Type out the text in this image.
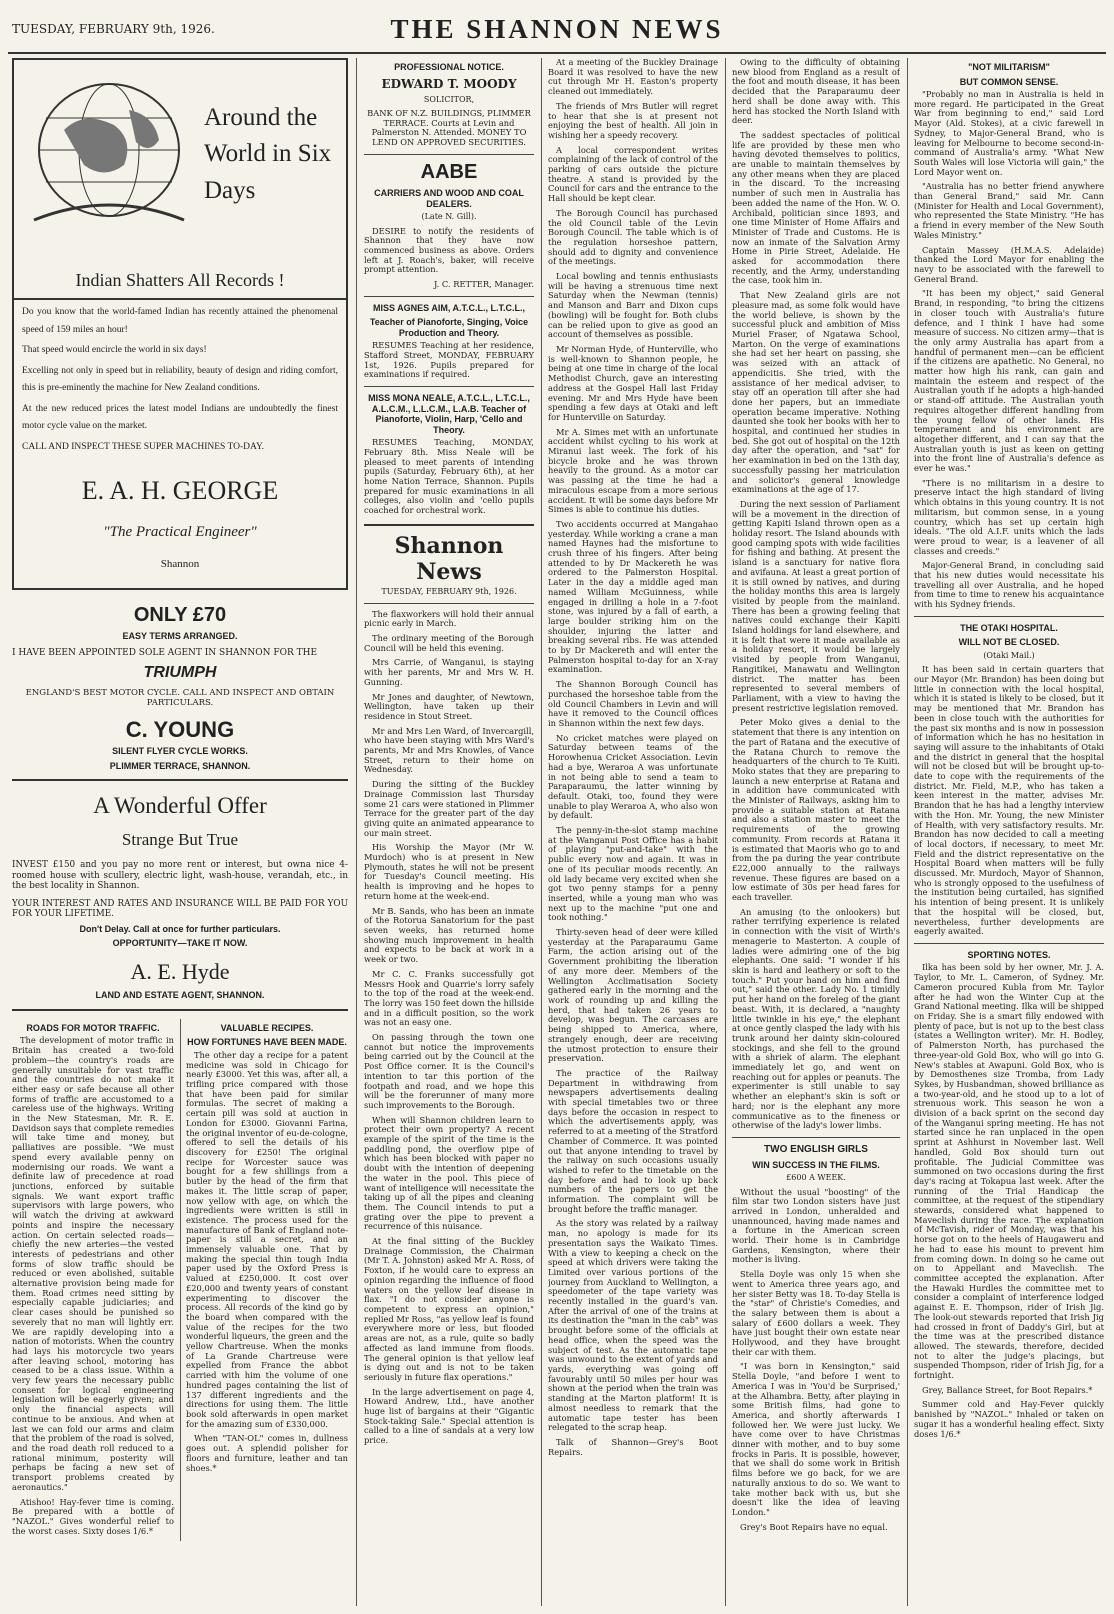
TUESDAY, FEBRUARY 9th, 1926.	THE SHANNON NEWS
Around the World in Six Days
Indian Shatters All Records !
Do you know that the world-famed Indian has recently attained the phenomenal speed of 159 miles an hour!
That speed would encircle the world in six days!
Excelling not only in speed but in reliability, beauty of design and riding comfort, this is pre-eminently the machine for New Zealand conditions.
At the new reduced prices the latest model Indians are undoubtedly the finest motor cycle value on the market.
CALL AND INSPECT THESE SUPER MACHINES TO-DAY.
E. A. H. GEORGE
"The Practical Engineer"
Shannon
ONLY £70
EASY TERMS ARRANGED.
I HAVE BEEN APPOINTED SOLE AGENT IN SHANNON FOR THE
TRIUMPH
ENGLAND'S BEST MOTOR CYCLE. CALL AND INSPECT AND OBTAIN PARTICULARS.
C. YOUNG
SILENT FLYER CYCLE WORKS.
PLIMMER TERRACE, SHANNON.
A Wonderful Offer
Strange But True
INVEST £150 and you pay no more rent or interest, but owna nice 4-roomed house with scullery, electric light, wash-house, verandah, etc., in the best locality in Shannon.
YOUR INTEREST AND RATES AND INSURANCE WILL BE PAID FOR YOU FOR YOUR LIFETIME.
Don't Delay. Call at once for further particulars.
OPPORTUNITY—TAKE IT NOW.
A. E. Hyde
LAND AND ESTATE AGENT, SHANNON.
ROADS FOR MOTOR TRAFFIC.

The development of motor traffic in Britain has created a two-fold problem—the country's roads are generally unsuitable for vast traffic and the countries do not make it either easy or safe because all other forms of traffic are accustomed to a careless use of the highways. Writing in the New Statesman, Mr. R. E. Davidson says that complete remedies will take time and money, but palliatives are possible. "We must spend every available penny on modernising our roads. We want a definite law of precedence at road junctions, enforced by suitable signals. We want export traffic supervisors with large powers, who will watch the driving at awkward points and inspire the necessary action. On certain selected roads—chiefly the new arteries—the vested interests of pedestrians and other forms of slow traffic should be reduced or even abolished, suitable alternative provision being made for them. Road crimes need sitting by especially capable judiciaries; and clear cases should be punished so severely that no man will lightly err. We are rapidly developing into a nation of motorists. When the country had lays his motorcycle two years after leaving school, motoring has ceased to be a class issue. Within a very few years the necessary public consent for logical engineering legislation will be eagerly given; and only the financial aspects will continue to be anxious. And when at last we can fold our arms and claim that the problem of the road is solved, and the road death roll reduced to a rational minimum, posterity will perhaps be facing a new set of transport problems created by aeronautics."

Atishoo! Hay-fever time is coming. Be prepared with a bottle of "NAZOL." Gives wonderful relief to the worst cases. Sixty doses 1/6.*

VALUABLE RECIPES.
HOW FORTUNES HAVE BEEN MADE.

The other day a recipe for a patent medicine was sold in Chicago for nearly £3000. Yet this was, after all, a trifling price compared with those that have been paid for similar formulas. The secret of making a certain pill was sold at auction in London for £3000. Giovanni Farina, the original inventor of eu-de-cologne, offered to sell the details of his discovery for £250! The original recipe for Worcester sauce was bought for a few shillings from a butler by the head of the firm that makes it. The little scrap of paper, now yellow with age, on which the ingredients were written is still in existence. The process used for the manufacture of Bank of England note-paper is still a secret, and an immensely valuable one. That by making the special thin tough India paper used by the Oxford Press is valued at £250,000. It cost over £20,000 and twenty years of constant experimenting to discover the process. All records of the kind go by the board when compared with the value of the recipes for the two wonderful liqueurs, the green and the yellow Chartreuse. When the monks of La Grande Chartreuse were expelled from France the abbot carried with him the volume of one hundred pages containing the list of 137 different ingredients and the directions for using them. The little book sold afterwards in open market for the amazing sum of £330,000.

When "TAN-OL" comes in, dullness goes out. A splendid polisher for floors and furniture, leather and tan shoes.*

PROFESSIONAL NOTICE.
EDWARD T. MOODY
SOLICITOR,
BANK OF N.Z. BUILDINGS, PLIMMER TERRACE. Courts at Levin and Palmerston N. Attended. MONEY TO LEND ON APPROVED SECURITIES.
AABE
CARRIERS AND WOOD AND COAL DEALERS.
(Late N. Gill).

DESIRE to notify the residents of Shannon that they have now commenced business as above. Orders left at J. Roach's, baker, will receive prompt attention.

J. C. RETTER, Manager.
MISS AGNES AIM, A.T.C.L., L.T.C.L.,
Teacher of Pianoforte, Singing, Voice Production and Theory.

RESUMES Teaching at her residence, Stafford Street, MONDAY, FEBRUARY 1st, 1926. Pupils prepared for examinations if required.

MISS MONA NEALE, A.T.C.L., L.T.C.L., A.L.C.M., L.L.C.M., L.A.B. Teacher of Pianoforte, Violin, Harp, 'Cello and Theory.

RESUMES Teaching, MONDAY, February 8th. Miss Neale will be pleased to meet parents of intending pupils (Saturday, February 6th), at her home Nation Terrace, Shannon. Pupils prepared for music examinations in all colleges, also violin and 'cello pupils coached for orchestral work.

Shannon News
TUESDAY, FEBRUARY 9th, 1926.

The flaxworkers will hold their annual picnic early in March.

The ordinary meeting of the Borough Council will be held this evening.

Mrs Carrie, of Wanganui, is staying with her parents, Mr and Mrs W. H. Gunning.

Mr Jones and daughter, of Newtown, Wellington, have taken up their residence in Stout Street.

Mr and Mrs Len Ward, of Invercargill, who have been staying with Mrs Ward's parents, Mr and Mrs Knowles, of Vance Street, return to their home on Wednesday.

During the sitting of the Buckley Drainage Commission last Thursday some 21 cars were stationed in Plimmer Terrace for the greater part of the day giving quite an animated appearance to our main street.

His Worship the Mayor (Mr W. Murdoch) who is at present in New Plymouth, states he will not be present for Tuesday's Council meeting. His health is improving and he hopes to return home at the week-end.

Mr B. Sands, who has been an inmate of the Rotorua Sanatorium for the past seven weeks, has returned home showing much improvement in health and expects to be back at work in a week or two.

Mr C. C. Franks successfully got Messrs Hook and Quarrie's lorry safely to the top of the road at the week-end. The lorry was 150 feet down the hillside and in a difficult position, so the work was not an easy one.

On passing through the town one cannot but notice the improvements being carried out by the Council at the Post Office corner. It is the Council's intention to tar this portion of the footpath and road, and we hope this will be the forerunner of many more such improvements to the Borough.

When will Shannon children learn to protect their own property? A recent example of the spirit of the time is the paddling pond, the overflow pipe of which has been blocked with paper no doubt with the intention of deepening the water in the pool. This piece of want of intelligence will necessitate the taking up of all the pipes and cleaning them. The Council intends to put a grating over the pipe to prevent a recurrence of this nuisance.

At the final sitting of the Buckley Drainage Commission, the Chairman (Mr T. A. Johnston) asked Mr A. Ross, of Foxton, if he would care to express an opinion regarding the influence of flood waters on the yellow leaf disease in flax. "I do not consider anyone is competent to express an opinion," replied Mr Ross, "as yellow leaf is found everywhere more or less, but flooded areas are not, as a rule, quite so badly affected as land immune from floods. The general opinion is that yellow leaf is dying out and is not to be taken seriously in future flax operations."

In the large advertisement on page 4, Howard Andrew, Ltd., have another huge list of bargains at their "Gigantic Stock-taking Sale." Special attention is called to a line of sandals at a very low price.

At a meeting of the Buckley Drainage Board it was resolved to have the new cut through Mr H. Easton's property cleaned out immediately.

The friends of Mrs Butler will regret to hear that she is at present not enjoying the best of health. All join in wishing her a speedy recovery.

A local correspondent writes complaining of the lack of control of the parking of cars outside the picture theatre. A stand is provided by the Council for cars and the entrance to the Hall should be kept clear.

The Borough Council has purchased the old Council table of the Levin Borough Council. The table which is of the regulation horseshoe pattern, should add to dignity and convenience of the meetings.

Local bowling and tennis enthusiasts will be having a strenuous time next Saturday when the Newman (tennis) and Manson and Barr and Dixon cups (bowling) will be fought for. Both clubs can be relied upon to give as good an account of themselves as possible.

Mr Norman Hyde, of Hunterville, who is well-known to Shannon people, he being at one time in charge of the local Methodist Church, gave an interesting address at the Gospel Hall last Friday evening. Mr and Mrs Hyde have been spending a few days at Otaki and left for Hunterville on Saturday.

Mr A. Simes met with an unfortunate accident whilst cycling to his work at Miranui last week. The fork of his bicycle broke and he was thrown heavily to the ground. As a motor car was passing at the time he had a miraculous escape from a more serious accident. It will be some days before Mr Simes is able to continue his duties.

Two accidents occurred at Mangahao yesterday. While working a crane a man named Haynes had the misfortune to crush three of his fingers. After being attended to by Dr Mackereth he was ordered to the Palmerston Hospital. Later in the day a middle aged man named William McGuinness, while engaged in drilling a hole in a 7-foot stone, was injured by a fall of earth, a large boulder striking him on the shoulder, injuring the latter and breaking several ribs. He was attended to by Dr Mackereth and will enter the Palmerston hospital to-day for an X-ray examination.

The Shannon Borough Council has purchased the horseshoe table from the old Council Chambers in Levin and will have it removed to the Council offices in Shannon within the next few days.

No cricket matches were played on Saturday between teams of the Horowhenua Cricket Association. Levin had a bye, Weraroa A was unfortunate in not being able to send a team to Paraparaumu, the latter winning by default. Otaki, too, found they were unable to play Weraroa A, who also won by default.

The penny-in-the-slot stamp machine at the Wanganui Post Office has a habit of playing "put-and-take" with the public every now and again. It was in one of its peculiar moods recently. An old lady became very excited when she got two penny stamps for a penny inserted, while a young man who was next up to the machine "put one and took nothing."

Thirty-seven head of deer were killed yesterday at the Paraparaumu Game Farm, the action arising out of the Government prohibiting the liberation of any more deer. Members of the Wellington Acclimatisation Society gathered early in the morning and the work of rounding up and killing the herd, that had taken 26 years to develop, was begun. The carcases are being shipped to America, where, strangely enough, deer are receiving the utmost protection to ensure their preservation.

The practice of the Railway Department in withdrawing from newspapers advertisements dealing with special timetables two or three days before the occasion in respect to which the advertisements apply, was referred to at a meeting of the Stratford Chamber of Commerce. It was pointed out that anyone intending to travel by the railway on such occasions usually wished to refer to the timetable on the day before and had to look up back numbers of the papers to get the information. The complaint will be brought before the traffic manager.

As the story was related by a railway man, no apology is made for its presentation says the Waikato Times. With a view to keeping a check on the speed at which drivers were taking the Limited over various portions of the journey from Auckland to Wellington, a speedometer of the tape variety was recently installed in the guard's van. After the arrival of one of the trains at its destination the "man in the cab" was brought before some of the officials at head office, when the speed was the subject of test. As the automatic tape was unwound to the extent of yards and yards, everything was going off favourably until 50 miles per hour was shown at the period when the train was standing at the Marton platform! It is almost needless to remark that the automatic tape tester has been relegated to the scrap heap.

Talk of Shannon—Grey's Boot Repairs.

Owing to the difficulty of obtaining new blood from England as a result of the foot and mouth disease, it has been decided that the Paraparaumu deer herd shall be done away with. This herd has stocked the North Island with deer.

The saddest spectacles of political life are provided by these men who having devoted themselves to politics, are unable to maintain themselves by any other means when they are placed in the discard. To the increasing number of such men in Australia has been added the name of the Hon. W. O. Archibald, politician since 1893, and one time Minister of Home Affairs and Minister of Trade and Customs. He is now an inmate of the Salvation Army Home in Pirie Street, Adelaide. He asked for accommodation there recently, and the Army, understanding the case, took him in.

That New Zealand girls are not pleasure mad, as some folk would have the world believe, is shown by the successful pluck and ambition of Miss Muriel Fraser, of Ngatawa School, Marton. On the verge of examinations she had set her heart on passing, she was seized with an attack of appendicitis. She tried, with the assistance of her medical adviser, to stay off an operation till after she had done her papers, but an immediate operation became imperative. Nothing daunted she took her books with her to hospital, and continued her studies in bed. She got out of hospital on the 12th day after the operation, and "sat" for her examination in bed on the 13th day, successfully passing her matriculation and solicitor's general knowledge examinations at the age of 17.

During the next session of Parliament will be a movement in the direction of getting Kapiti Island thrown open as a holiday resort. The Island abounds with good camping spots with wide facilities for fishing and bathing. At present the island is a sanctuary for native flora and avifauna. At least a great portion of it is still owned by natives, and during the holiday months this area is largely visited by people from the mainland. There has been a growing feeling that natives could exchange their Kapiti Island holdings for land elsewhere, and it is felt that were it made available as a holiday resort, it would be largely visited by people from Wanganui, Rangitikei, Manawatu and Wellington district. The matter has been represented to several members of Parliament, with a view to having the present restrictive legislation removed.

Peter Moko gives a denial to the statement that there is any intention on the part of Ratana and the executive of the Ratana Church to remove the headquarters of the church to Te Kuiti. Moko states that they are preparing to launch a new enterprise at Ratana and in addition have communicated with the Minister of Railways, asking him to provide a suitable station at Ratana and also a station master to meet the requirements of the growing community. From records at Ratana it is estimated that Maoris who go to and from the pa during the year contribute £22,000 annually to the railways revenue. These figures are based on a low estimate of 30s per head fares for each traveller.

An amusing (to the onlookers) but rather terrifying experience is related in connection with the visit of Wirth's menagerie to Masterton. A couple of ladies were admiring one of the big elephants. One said: "I wonder if his skin is hard and leathery or soft to the touch." Put your hand on him and find out," said the other. Lady No. 1 timidly put her hand on the foreleg of the giant beast. With, it is declared, a "naughty little twinkle in his eye," the elephant at once gently clasped the lady with his trunk around her dainty skin-coloured stockings, and she fell to the ground with a shriek of alarm. The elephant immediately let go, and went on reaching out for apples or peanuts. The experimenter is still unable to say whether an elephant's skin is soft or hard; nor is the elephant any more communicative as to the fineness or otherwise of the lady's lower limbs.

TWO ENGLISH GIRLS
WIN SUCCESS IN THE FILMS.
£600 A WEEK.

Without the usual "boosting" of the film star two London sisters have just arrived in London, unheralded and unannounced, having made names and a fortune in the American screen world. Their home is in Cambridge Gardens, Kensington, where their mother is living.

Stella Doyle was only 15 when she went to America three years ago, and her sister Betty was 18. To-day Stella is the "star" of Christie's Comedies, and the salary between them is about a salary of £600 dollars a week. They have just bought their own estate near Hollywood, and they have brought their car with them.

"I was born in Kensington," said Stella Doyle, "and before I went to America I was in 'You'd be Surprised,' at the Alhambra. Betty, after playing in some British films, had gone to America, and shortly afterwards I followed her. We were just lucky. We have come over to have Christmas dinner with mother, and to buy some frocks in Paris. It is possible, however, that we shall do some work in British films before we go back, for we are naturally anxious to do so. We want to take mother back with us, but she doesn't like the idea of leaving London."

Grey's Boot Repairs have no equal.

"NOT MILITARISM"
BUT COMMON SENSE.

"Probably no man in Australia is held in more regard. He participated in the Great War from beginning to end," said Lord Mayor (Ald. Stokes), at a civic farewell in Sydney, to Major-General Brand, who is leaving for Melbourne to become second-in-command of Australia's army. "What New South Wales will lose Victoria will gain," the Lord Mayor went on.

"Australia has no better friend anywhere than General Brand," said Mr. Cann (Minister for Health and Local Government), who represented the State Ministry. "He has a friend in every member of the New South Wales Ministry."

Captain Massey (H.M.A.S. Adelaide) thanked the Lord Mayor for enabling the navy to be associated with the farewell to General Brand.

"It has been my object," said General Brand, in responding, "to bring the citizens in closer touch with Australia's future defence, and I think I have had some measure of success. No citizen army—that is the only army Australia has apart from a handful of permanent men—can be efficient if the citizens are apathetic. No General, no matter how high his rank, can gain and maintain the esteem and respect of the Australian youth if he adopts a high-handed or stand-off attitude. The Australian youth requires altogether different handling from the young fellow of other lands. His temperament and his environment are altogether different, and I can say that the Australian youth is just as keen on getting into the front line of Australia's defence as ever he was."

"There is no militarism in a desire to preserve intact the high standard of living which obtains in this young country. It is not militarism, but common sense, in a young country, which has set up certain high ideals. "The old A.I.F. units which the lads were proud to wear, is a leavener of all classes and creeds."

Major-General Brand, in concluding said that his new duties would necessitate his travelling all over Australia, and he hoped from time to time to renew his acquaintance with his Sydney friends.

THE OTAKI HOSPITAL.
WILL NOT BE CLOSED.
(Otaki Mail.)

It has been said in certain quarters that our Mayor (Mr. Brandon) has been doing but little in connection with the local hospital, which it is stated is likely to be closed, but it may be mentioned that Mr. Brandon has been in close touch with the authorities for the past six months and is now in possession of information which he has no hesitation in saying will assure to the inhabitants of Otaki and the district in general that the hospital will not be closed but will be brought up-to-date to cope with the requirements of the district. Mr. Field, M.P., who has taken a keen interest in the matter, advises Mr. Brandon that he has had a lengthy interview with the Hon. Mr. Young, the new Minister of Health, with very satisfactory results. Mr. Brandon has now decided to call a meeting of local doctors, if necessary, to meet Mr. Field and the district representative on the Hospital Board when matters will be fully discussed. Mr. Murdoch, Mayor of Shannon, who is strongly opposed to the usefulness of the institution being curtailed, has signified his intention of being present. It is unlikely that the hospital will be closed, but, nevertheless, further developments are eagerly awaited.

SPORTING NOTES.

Ilka has been sold by her owner, Mr. J. A. Taylor, to Mr. L. Cameron, of Sydney. Mr. Cameron procured Kubla from Mr. Taylor after he had won the Winter Cup at the Grand National meeting. Ilka will be shipped on Friday. She is a smart filly endowed with plenty of pace, but is not up to the best class (states a Wellington writer). Mr. H. Bodley, of Palmerston North, has purchased the three-year-old Gold Box, who will go into G. New's stables at Awapuni. Gold Box, who is by Demosthenes size Tromba, from Lady Sykes, by Husbandman, showed brilliance as a two-year-old, and he stood up to a lot of strenuous work. This season he won a division of a back sprint on the second day of the Wanganui spring meeting. He has not started since he ran unplaced in the open sprint at Ashhurst in November last. Well handled, Gold Box should turn out profitable. The Judicial Committee was summoned on two occasions during the first day's racing at Tokapua last week. After the running of the Trial Handicap the committee, at the request of the stipendiary stewards, considered what happened to Maveclish during the race. The explanation of McTavish, rider of Monday, was that his horse got on to the heels of Haugaweru and he had to ease his mount to prevent him from coming down. In doing so he came out on to Appellant and Maveclish. The committee accepted the explanation. After the Hawaki Hurdles the committee met to consider a complaint of interference lodged against E. E. Thompson, rider of Irish Jig. The look-out stewards reported that Irish Jig had crossed in front of Daddy's Girl, but at the time was at the prescribed distance allowed. The stewards, therefore, decided not to alter the judge's placings, but suspended Thompson, rider of Irish Jig, for a fortnight.

Grey, Ballance Street, for Boot Repairs.*

Summer cold and Hay-Fever quickly banished by "NAZOL." Inhaled or taken on sugar it has a wonderful healing effect. Sixty doses 1/6.*
